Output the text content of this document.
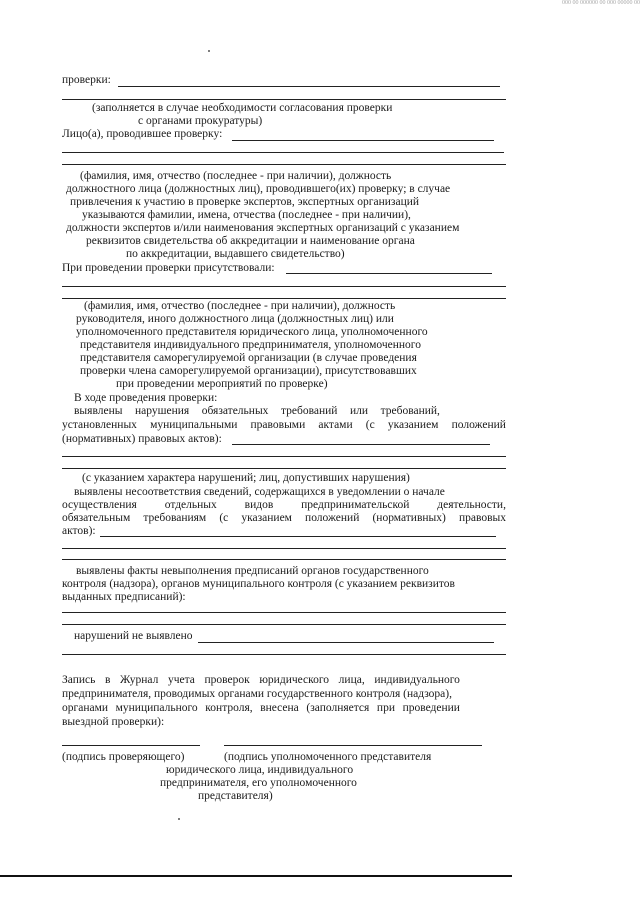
000 00 000000 00 000 00000 00
проверки:
(заполняется в случае необходимости согласования проверки
с органами прокуратуры)
Лицо(а), проводившее проверку:
(фамилия, имя, отчество (последнее - при наличии), должность
должностного лица (должностных лиц), проводившего(их) проверку; в случае
привлечения к участию в проверке экспертов, экспертных организаций
указываются фамилии, имена, отчества (последнее - при наличии),
должности экспертов и/или наименования экспертных организаций с указанием
реквизитов свидетельства об аккредитации и наименование органа
по аккредитации, выдавшего свидетельство)
При проведении проверки присутствовали:
(фамилия, имя, отчество (последнее - при наличии), должность
руководителя, иного должностного лица (должностных лиц) или
уполномоченного представителя юридического лица, уполномоченного
представителя индивидуального предпринимателя, уполномоченного
представителя саморегулируемой организации (в случае проведения
проверки члена саморегулируемой организации), присутствовавших
при проведении мероприятий по проверке)
В ходе проведения проверки:
выявлены нарушения обязательных требований или требований,
установленных муниципальными правовыми актами (с указанием положений
(нормативных) правовых актов):
(с указанием характера нарушений; лиц, допустивших нарушения)
выявлены несоответствия сведений, содержащихся в уведомлении о начале
осуществления отдельных видов предпринимательской деятельности,
обязательным требованиям (с указанием положений (нормативных) правовых
актов):
выявлены факты невыполнения предписаний органов государственного
контроля (надзора), органов муниципального контроля (с указанием реквизитов
выданных предписаний):
нарушений не выявлено
Запись в Журнал учета проверок юридического лица, индивидуального
предпринимателя, проводимых органами государственного контроля (надзора),
органами муниципального контроля, внесена (заполняется при проведении
выездной проверки):
(подпись проверяющего)	(подпись уполномоченного представителя
юридического лица, индивидуального
предпринимателя, его уполномоченного
представителя)
